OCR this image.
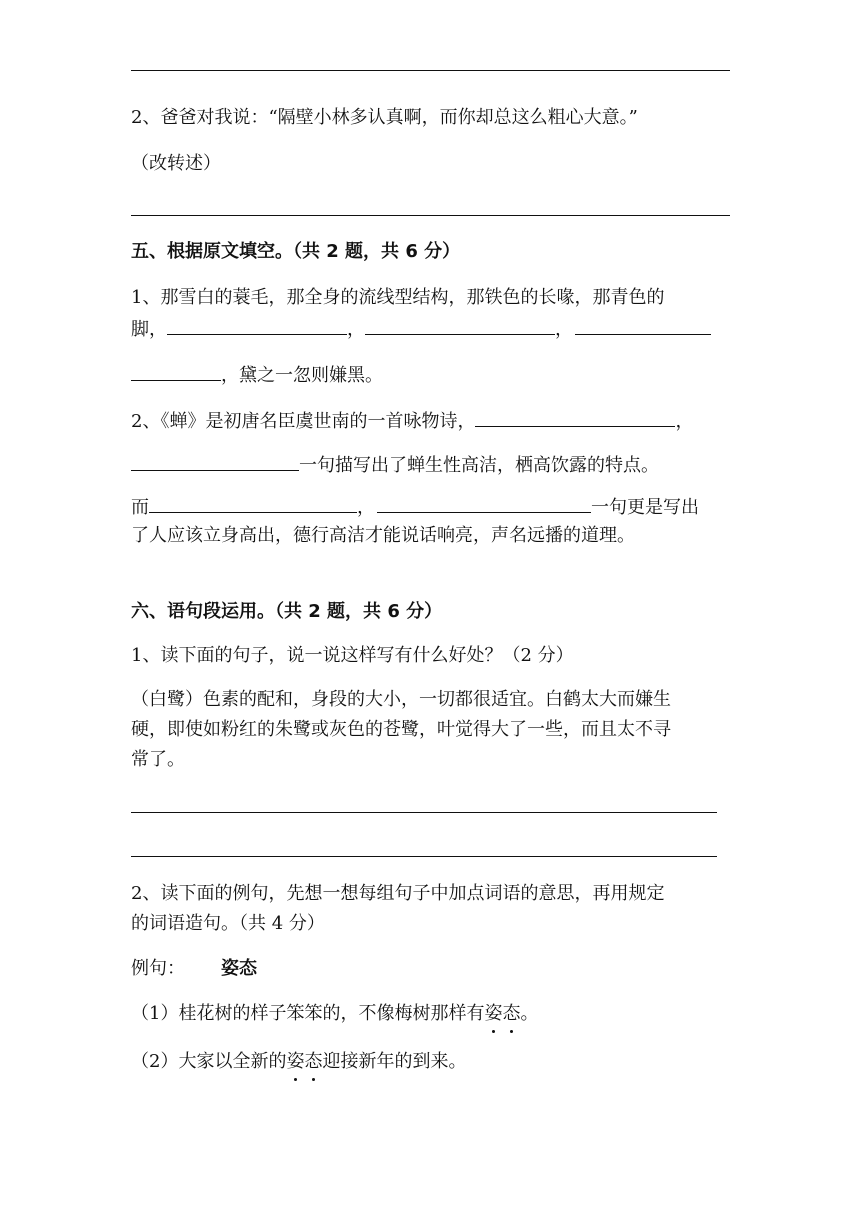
2、爸爸对我说：“隔壁小林多认真啊，而你却总这么粗心大意。”
（改转述）
五、根据原文填空。（共 2 题，共 6 分）
1、那雪白的蓑毛，那全身的流线型结构，那铁色的长喙，那青色的
脚，	，	，
，黛之一忽则嫌黑。
2、《蝉》是初唐名臣虞世南的一首咏物诗，	，
一句描写出了蝉生性高洁，栖高饮露的特点。
而	，	一句更是写出
了人应该立身高出，德行高洁才能说话响亮，声名远播的道理。
六、语句段运用。（共 2 题，共 6 分）
1、读下面的句子，说一说这样写有什么好处？（2 分）
（白鹭）色素的配和，身段的大小，一切都很适宜。白鹤太大而嫌生
硬，即使如粉红的朱鹭或灰色的苍鹭，叶觉得大了一些，而且太不寻
常了。
2、读下面的例句，先想一想每组句子中加点词语的意思，再用规定
的词语造句。（共 4 分）
例句： 姿态
（1）桂花树的样子笨笨的，不像梅树那样有姿态。
（2）大家以全新的姿态迎接新年的到来。
